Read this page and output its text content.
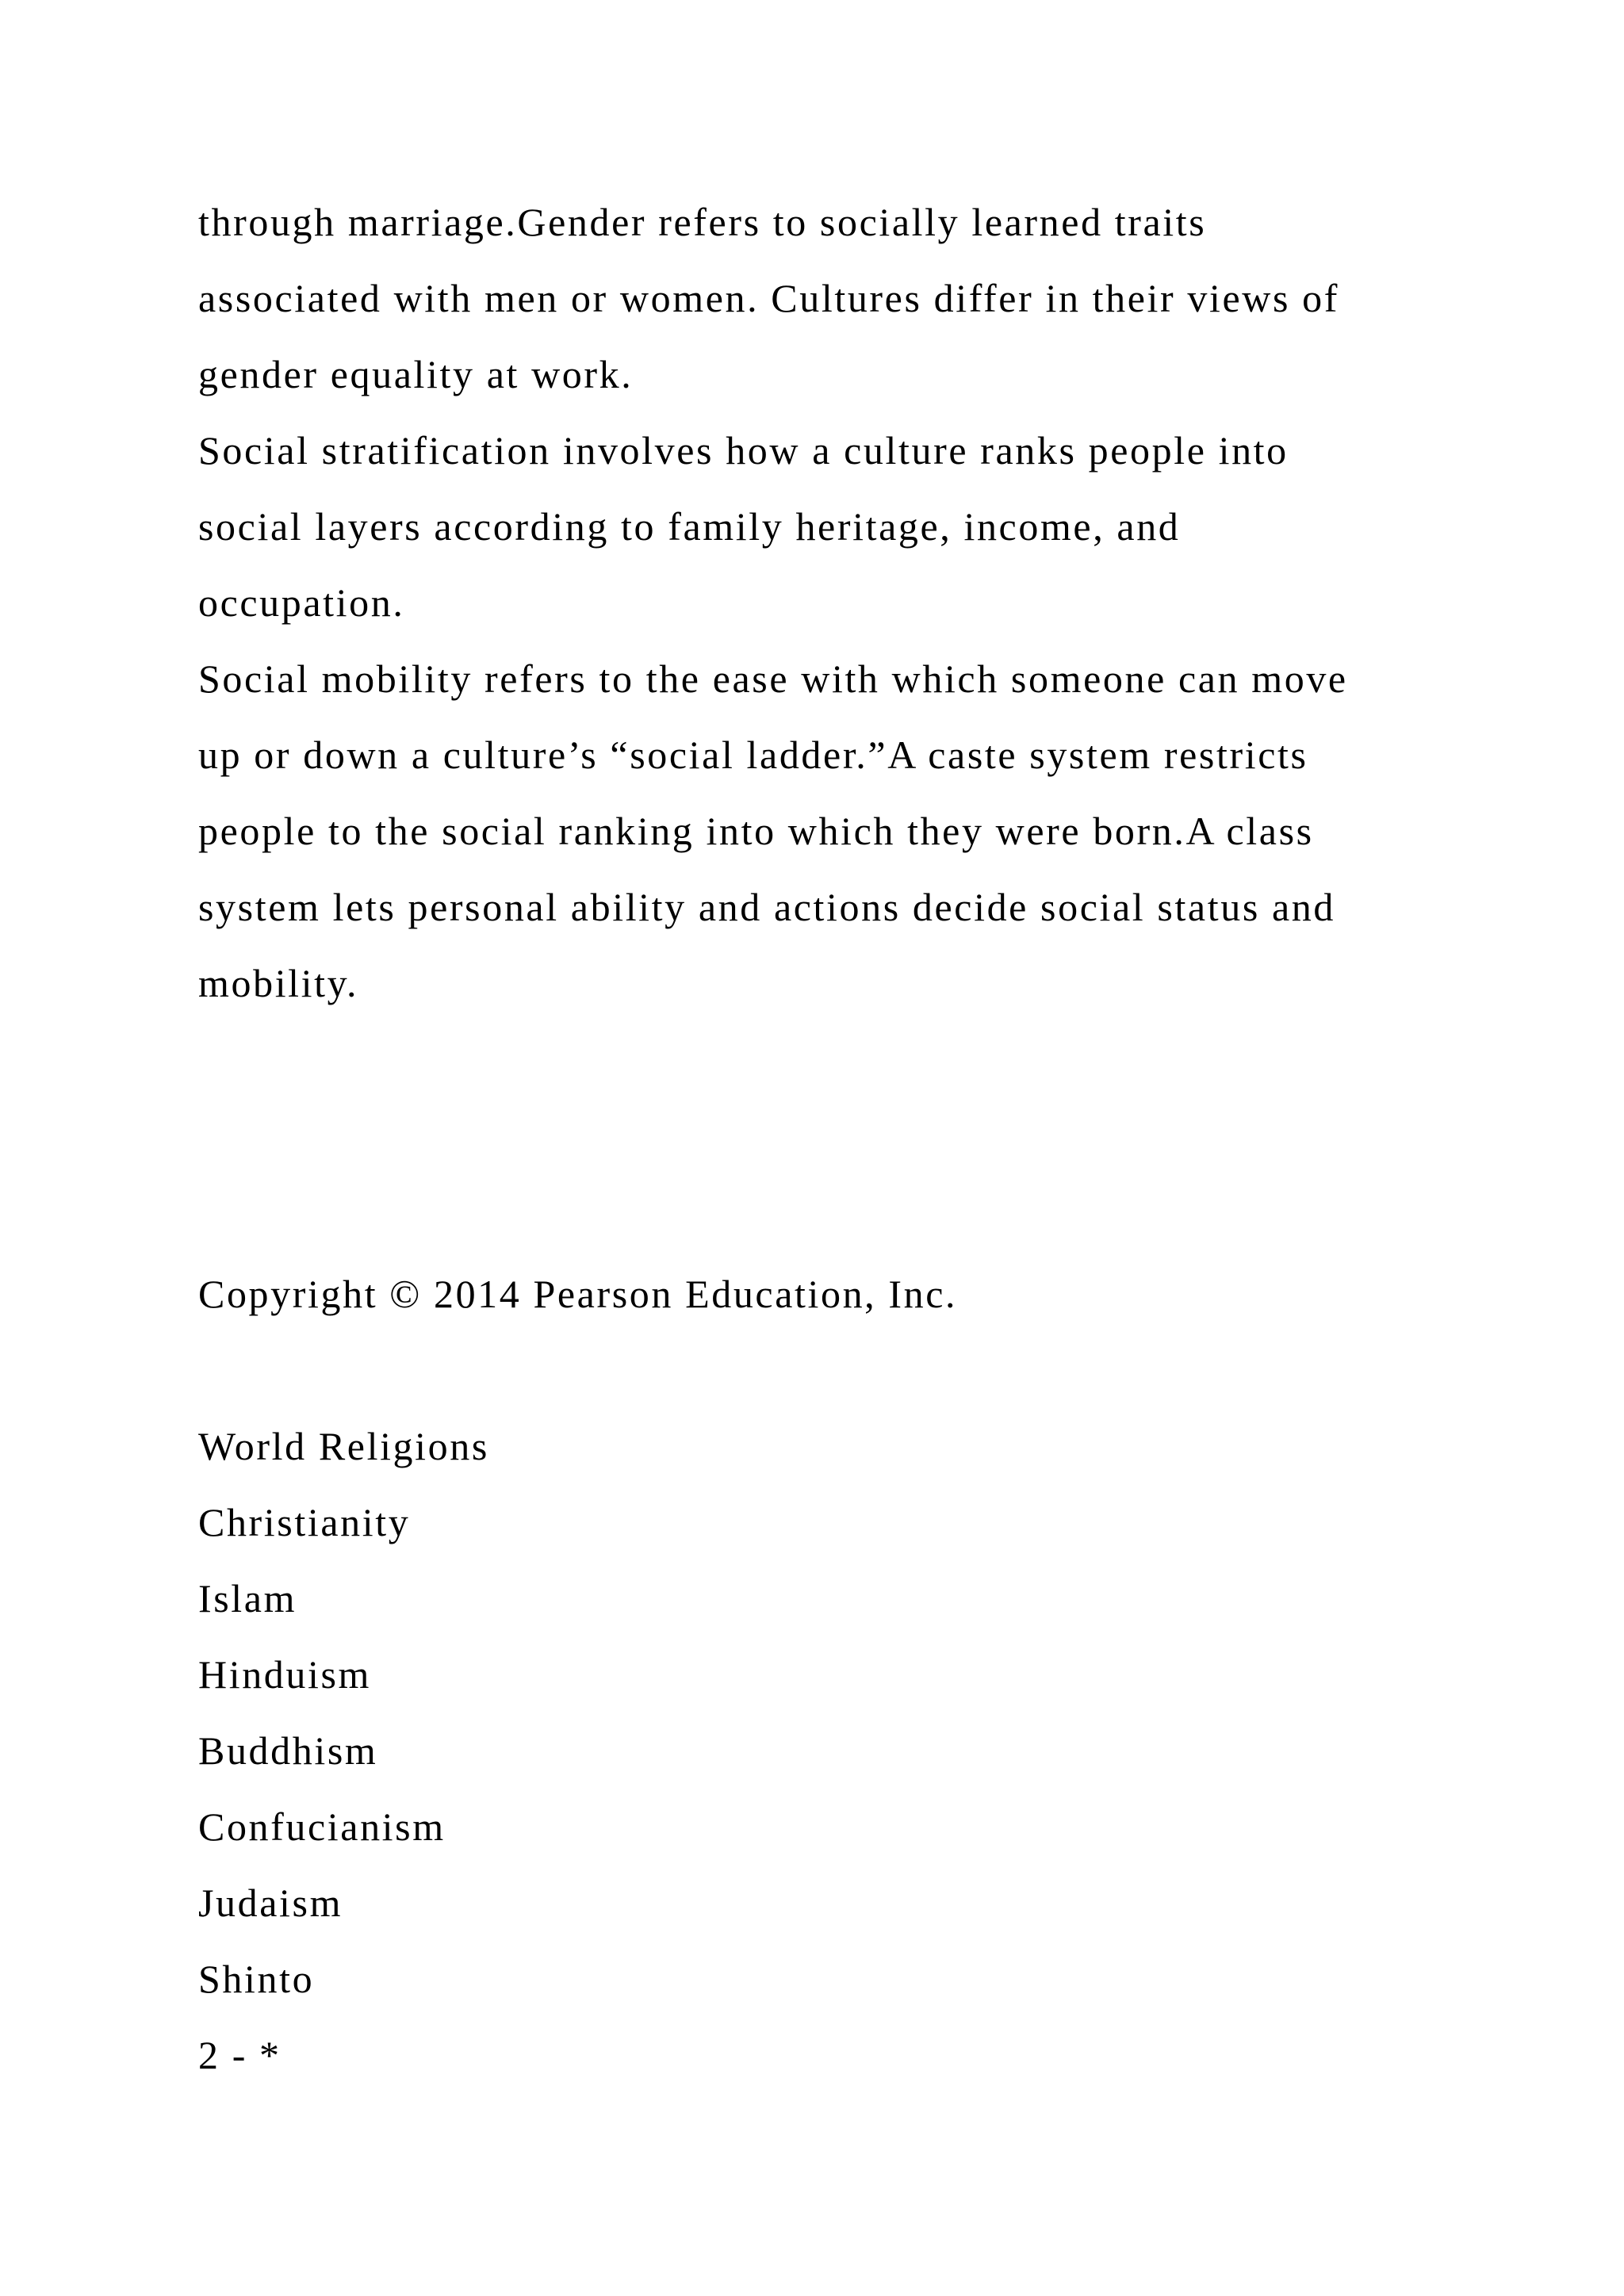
through marriage.Gender refers to socially learned traits

associated with men or women. Cultures differ in their views of

gender equality at work.

Social stratification involves how a culture ranks people into

social layers according to family heritage, income, and

occupation.

Social mobility refers to the ease with which someone can move

up or down a culture’s “social ladder.”A caste system restricts

people to the social ranking into which they were born.A class

system lets personal ability and actions decide social status and

mobility.

Copyright © 2014 Pearson Education, Inc.

World Religions

Christianity

Islam

Hinduism

Buddhism

Confucianism

Judaism

Shinto

2 - *
